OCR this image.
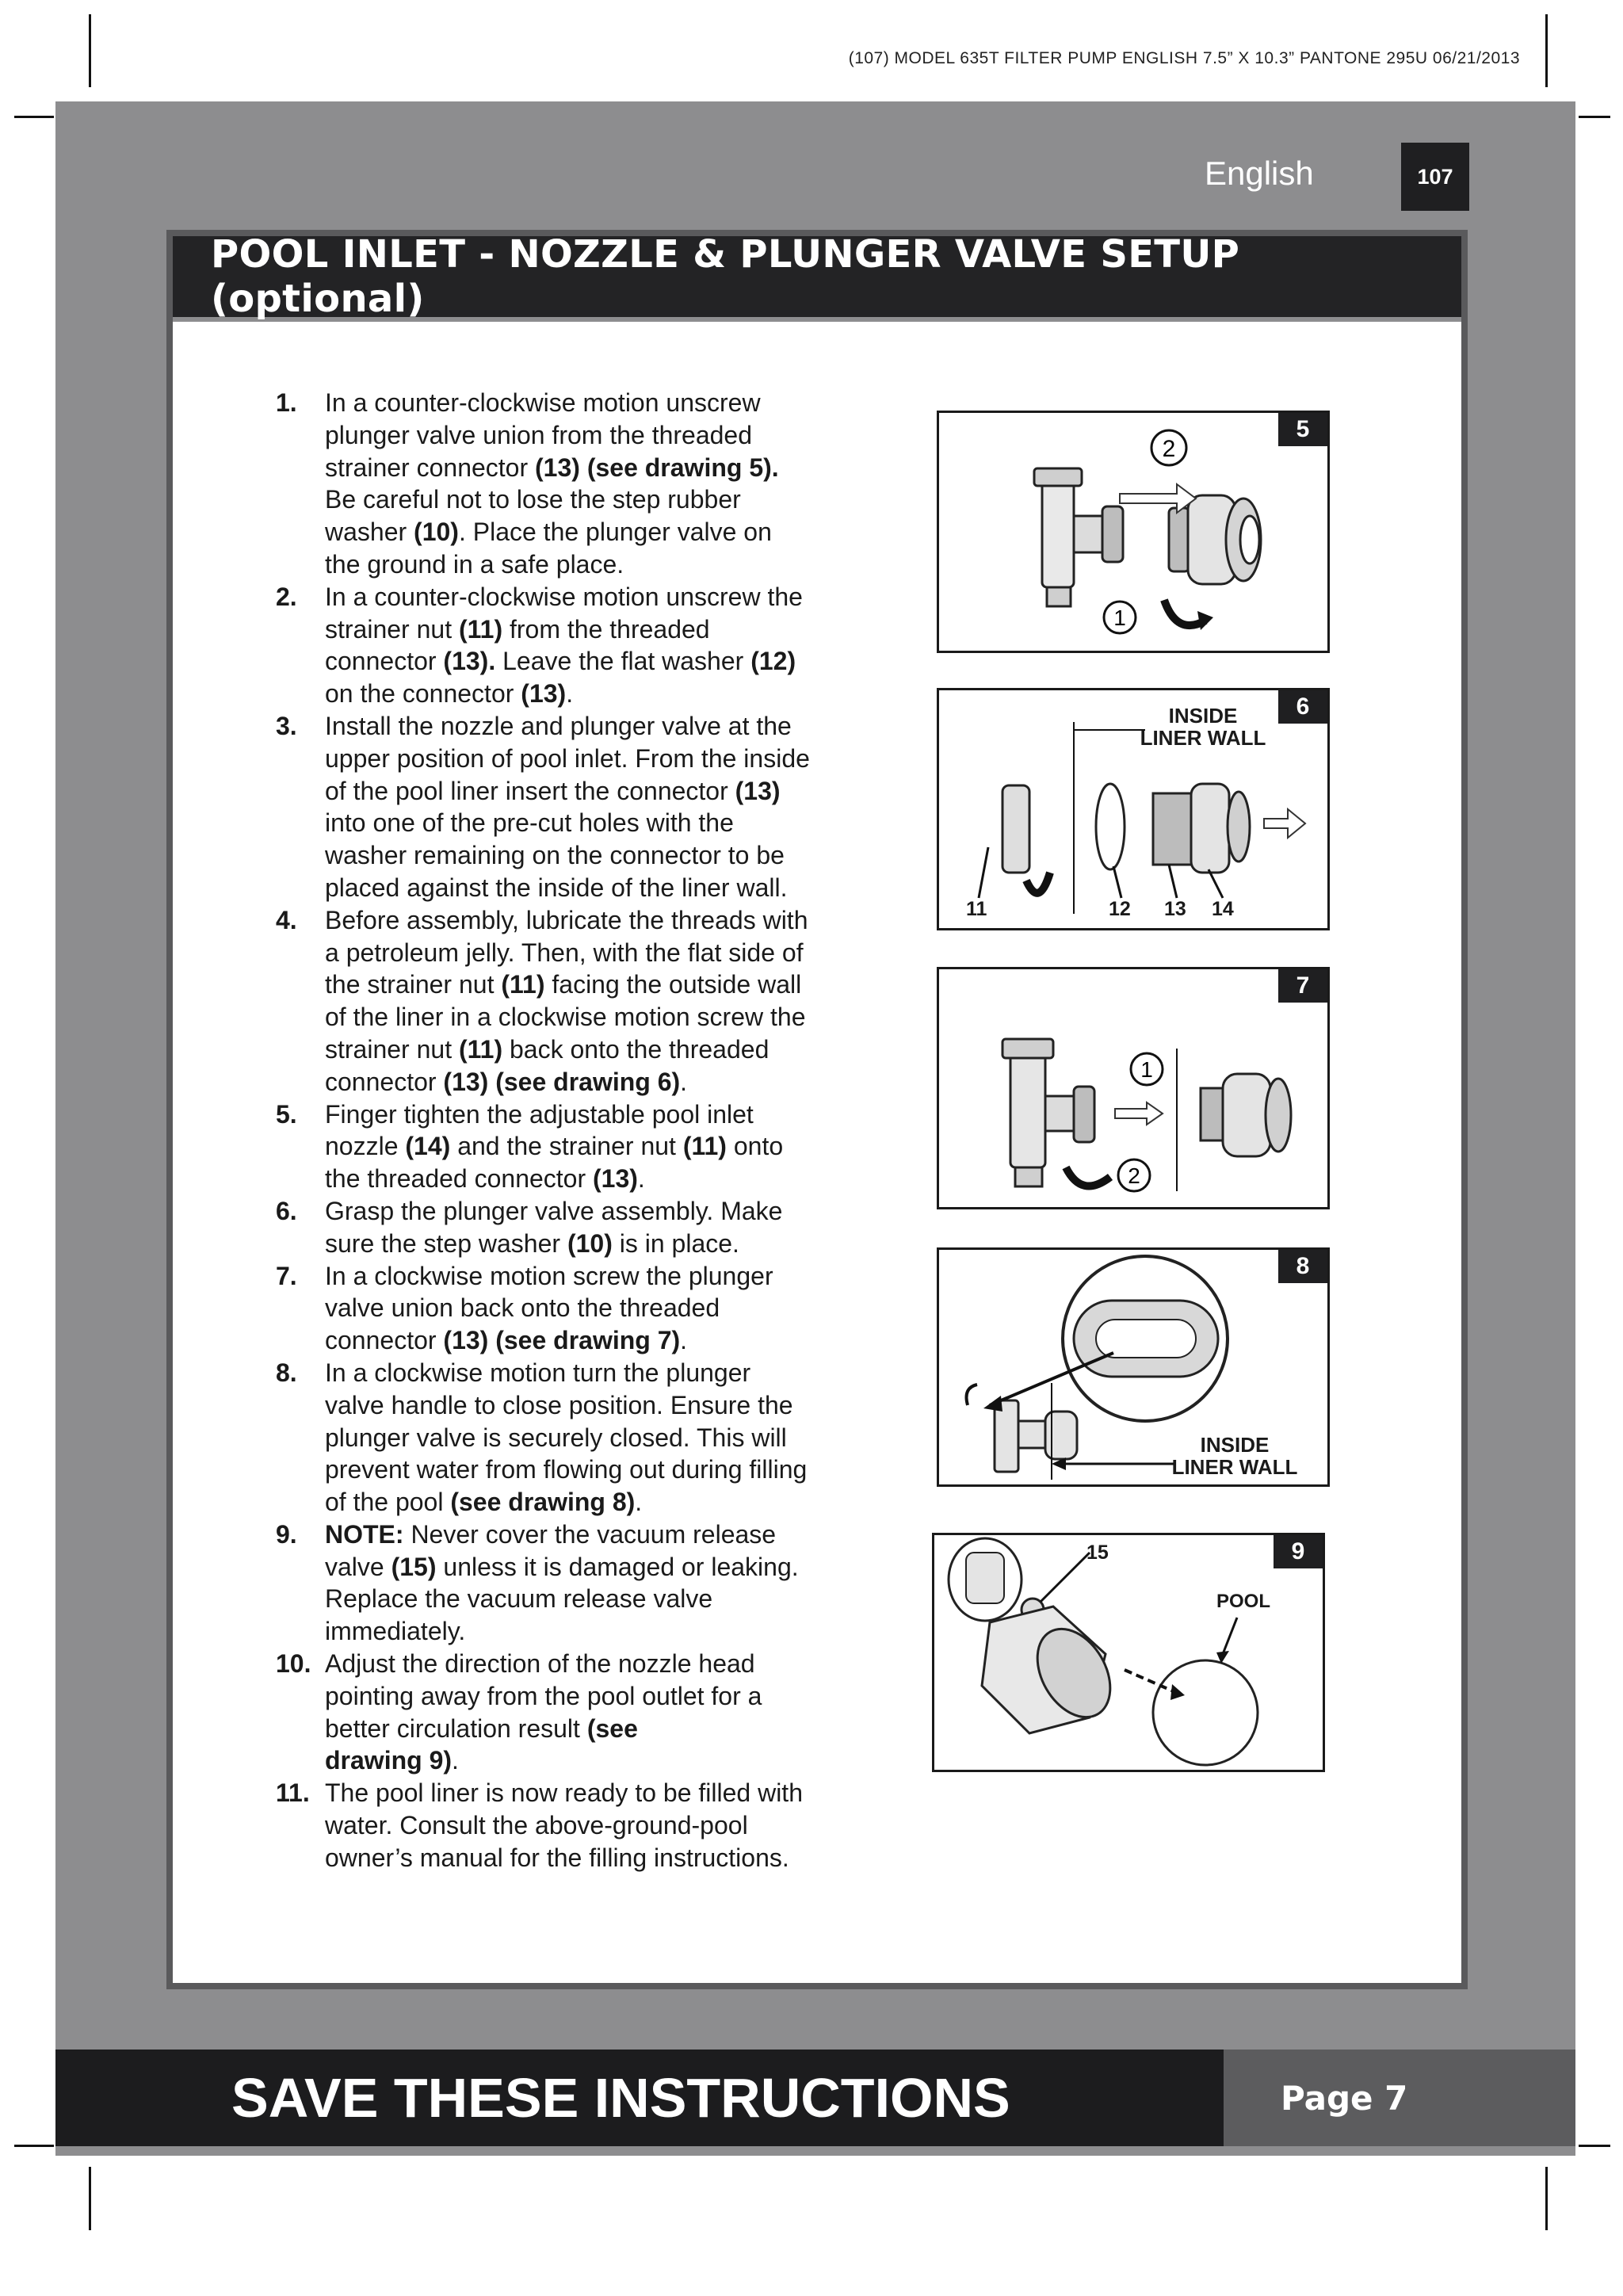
(107) MODEL 635T FILTER PUMP ENGLISH 7.5” X 10.3” PANTONE 295U 06/21/2013
English	107
POOL INLET - NOZZLE & PLUNGER VALVE SETUP (optional)
1.	In a counter-clockwise motion unscrew
plunger valve union from the threaded
strainer connector (13) (see drawing 5).
Be careful not to lose the step rubber
washer (10). Place the plunger valve on
the ground in a safe place.
2.	In a counter-clockwise motion unscrew the
strainer nut (11) from the threaded
connector (13). Leave the flat washer (12)
on the connector (13).
3.	Install the nozzle and plunger valve at the
upper position of pool inlet. From the inside
of the pool liner insert the connector (13)
into one of the pre-cut holes with the
washer remaining on the connector to be
placed against the inside of the liner wall.
4.	Before assembly, lubricate the threads with
a petroleum jelly. Then, with the flat side of
the strainer nut (11) facing the outside wall
of the liner in a clockwise motion screw the
strainer nut (11) back onto the threaded
connector (13) (see drawing 6).
5.	Finger tighten the adjustable pool inlet
nozzle (14) and the strainer nut (11) onto
the threaded connector (13).
6.	Grasp the plunger valve assembly. Make
sure the step washer (10) is in place.
7.	In a clockwise motion screw the plunger
valve union back onto the threaded
connector (13) (see drawing 7).
8.	In a clockwise motion turn the plunger
valve handle to close position. Ensure the
plunger valve is securely closed. This will
prevent water from flowing out during filling
of the pool (see drawing 8).
9.	NOTE: Never cover the vacuum release
valve (15) unless it is damaged or leaking.
Replace the vacuum release valve
immediately.
10. Adjust the direction of the nozzle head
pointing away from the pool outlet for a
better circulation result (see
drawing 9).
11. The pool liner is now ready to be filled with
water. Consult the above-ground-pool
owner’s manual for the filling instructions.
5
2
1
6
INSIDE
LINER WALL
11	12 13 14
7
1
2
8
INSIDE
LINER WALL
9
15
POOL
SAVE THESE INSTRUCTIONS	Page 7
